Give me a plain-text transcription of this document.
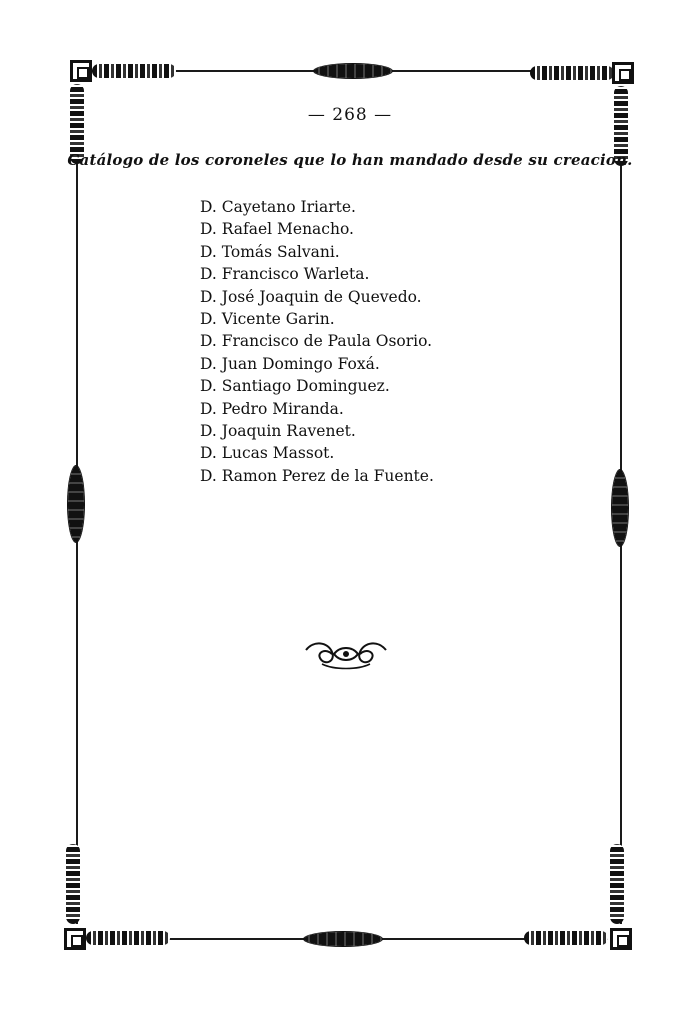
— 268 —
Catálogo de los coroneles que lo han mandado desde su creacion.
D. Cayetano Iriarte.
D. Rafael Menacho.
D. Tomás Salvani.
D. Francisco Warleta.
D. José Joaquin de Quevedo.
D. Vicente Garin.
D. Francisco de Paula Osorio.
D. Juan Domingo Foxá.
D. Santiago Dominguez.
D. Pedro Miranda.
D. Joaquin Ravenet.
D. Lucas Massot.
D. Ramon Perez de la Fuente.
